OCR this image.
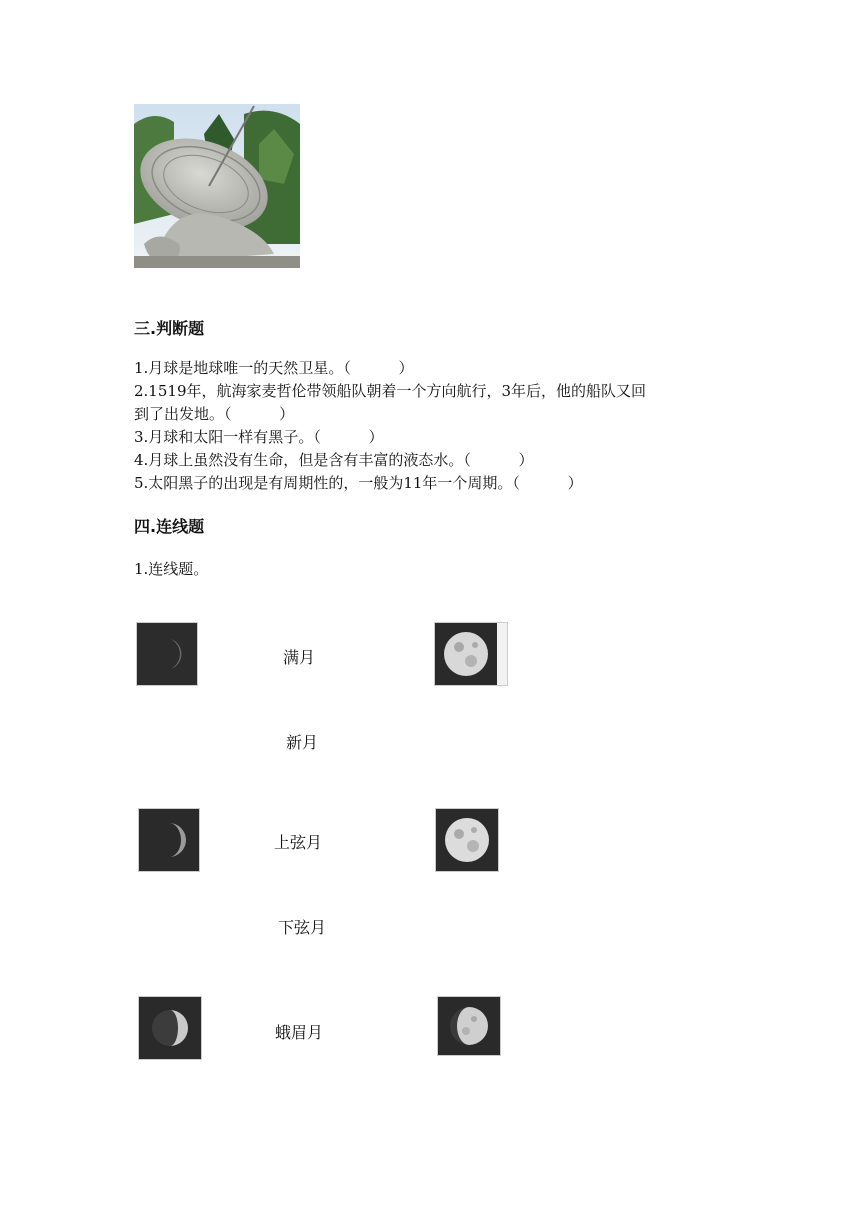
三.判断题
1.月球是地球唯一的天然卫星。（          ）
2.1519年，航海家麦哲伦带领船队朝着一个方向航行，3年后，他的船队又回
到了出发地。（          ）
3.月球和太阳一样有黑子。（          ）
4.月球上虽然没有生命，但是含有丰富的液态水。（          ）
5.太阳黑子的出现是有周期性的，一般为11年一个周期。（          ）
四.连线题
1.连线题。
满月
新月
上弦月
下弦月
蛾眉月
